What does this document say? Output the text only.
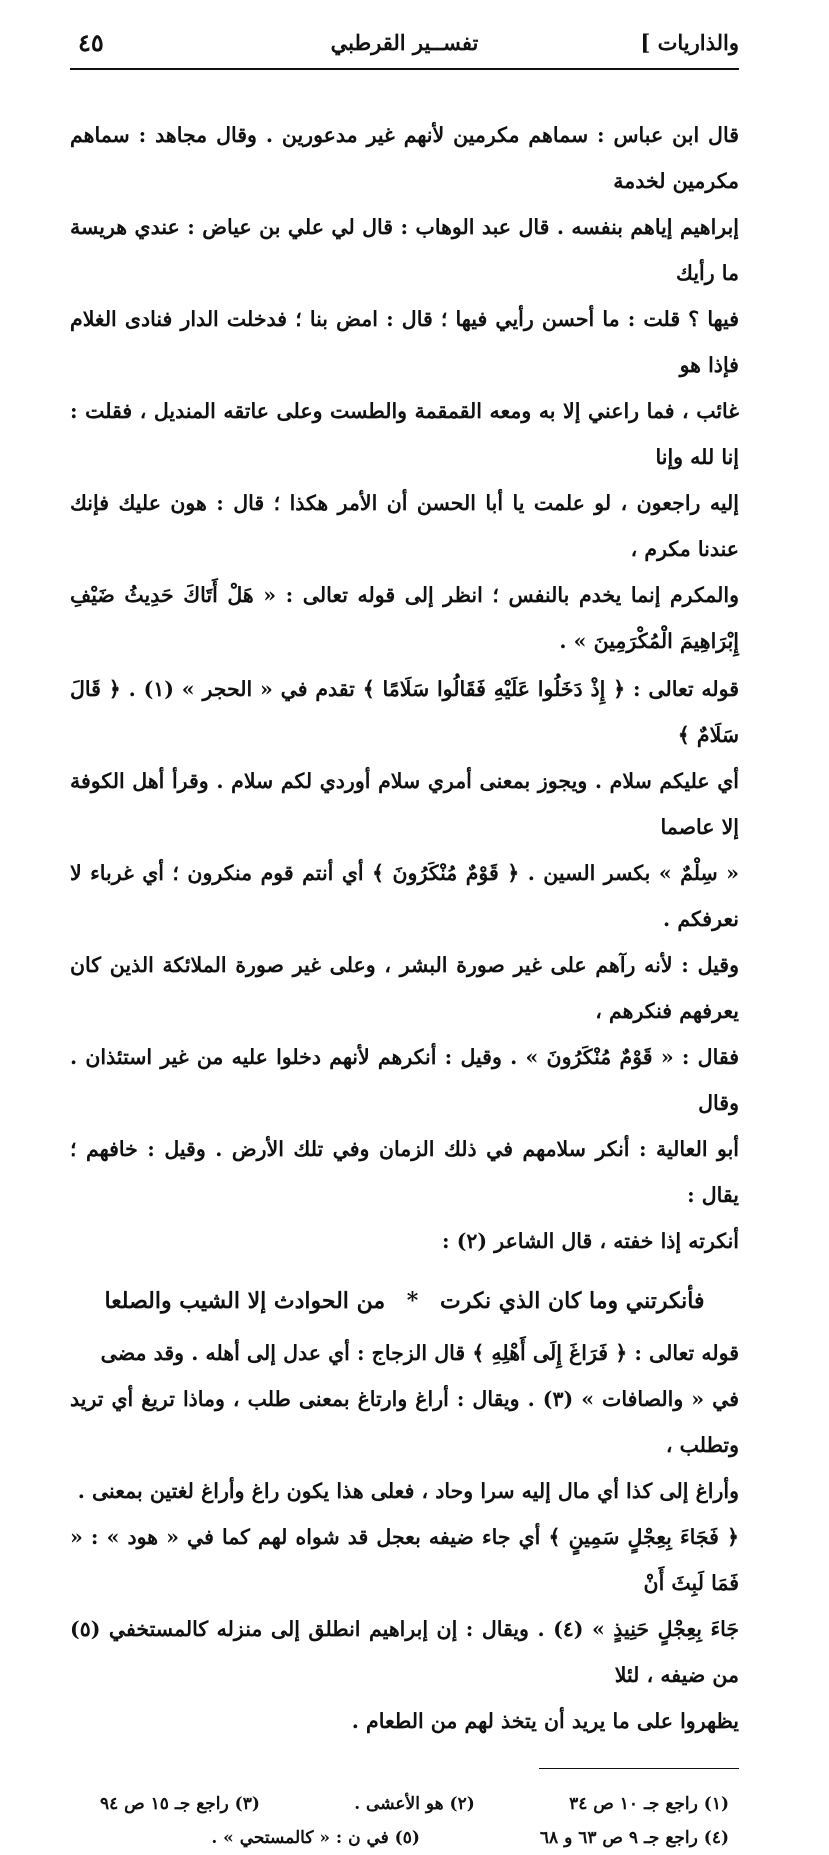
والذاريات ]
تفســير القرطبي
٤٥

قال ابن عباس : سماهم مكرمين لأنهم غير مدعورين . وقال مجاهد : سماهم مكرمين لخدمة

إبراهيم إياهم بنفسه . قال عبد الوهاب : قال لي علي بن عياض : عندي هريسة ما رأيك

فيها ؟ قلت : ما أحسن رأيي فيها ؛ قال : امض بنا ؛ فدخلت الدار فنادى الغلام فإذا هو

غائب ، فما راعني إلا به ومعه القمقمة والطست وعلى عاتقه المنديل ، فقلت : إنا لله وإنا

إليه راجعون ، لو علمت يا أبا الحسن أن الأمر هكذا ؛ قال : هون عليك فإنك عندنا مكرم ،

والمكرم إنما يخدم بالنفس ؛ انظر إلى قوله تعالى : « هَلْ أَتَاكَ حَدِيثُ ضَيْفِ إِبْرَاهِيمَ الْمُكْرَمِينَ » .

قوله تعالى : ﴿ إِذْ دَخَلُوا عَلَيْهِ فَقَالُوا سَلَامًا ﴾ تقدم في « الحجر » (١) . ﴿ قَالَ سَلَامٌ ﴾

أي عليكم سلام . ويجوز بمعنى أمري سلام أوردي لكم سلام . وقرأ أهل الكوفة إلا عاصما

« سِلْمٌ » بكسر السين . ﴿ قَوْمٌ مُنْكَرُونَ ﴾ أي أنتم قوم منكرون ؛ أي غرباء لا نعرفكم .

وقيل : لأنه رآهم على غير صورة البشر ، وعلى غير صورة الملائكة الذين كان يعرفهم فنكرهم ،

فقال : « قَوْمٌ مُنْكَرُونَ » . وقيل : أنكرهم لأنهم دخلوا عليه من غير استئذان . وقال

أبو العالية : أنكر سلامهم في ذلك الزمان وفي تلك الأرض . وقيل : خافهم ؛ يقال :

أنكرته إذا خفته ، قال الشاعر (٢) :

فأنكرتني وما كان الذي نكرت * من الحوادث إلا الشيب والصلعا

قوله تعالى : ﴿ فَرَاغَ إِلَى أَهْلِهِ ﴾ قال الزجاج : أي عدل إلى أهله . وقد مضى

في « والصافات » (٣) . ويقال : أراغ وارتاغ بمعنى طلب ، وماذا تريغ أي تريد وتطلب ،

وأراغ إلى كذا أي مال إليه سرا وحاد ، فعلى هذا يكون راغ وأراغ لغتين بمعنى .

﴿ فَجَاءَ بِعِجْلٍ سَمِينٍ ﴾ أي جاء ضيفه بعجل قد شواه لهم كما في « هود » : « فَمَا لَبِثَ أَنْ

جَاءَ بِعِجْلٍ حَنِيذٍ » (٤) . ويقال : إن إبراهيم انطلق إلى منزله كالمستخفي (٥) من ضيفه ، لئلا

يظهروا على ما يريد أن يتخذ لهم من الطعام .

(١) راجع جـ ١٠ ص ٣٤
(٢) هو الأعشى .
(٣) راجع جـ ١٥ ص ٩٤
(٤) راجع جـ ٩ ص ٦٣ و ٦٨
(٥) في ن : « كالمستحي » .
